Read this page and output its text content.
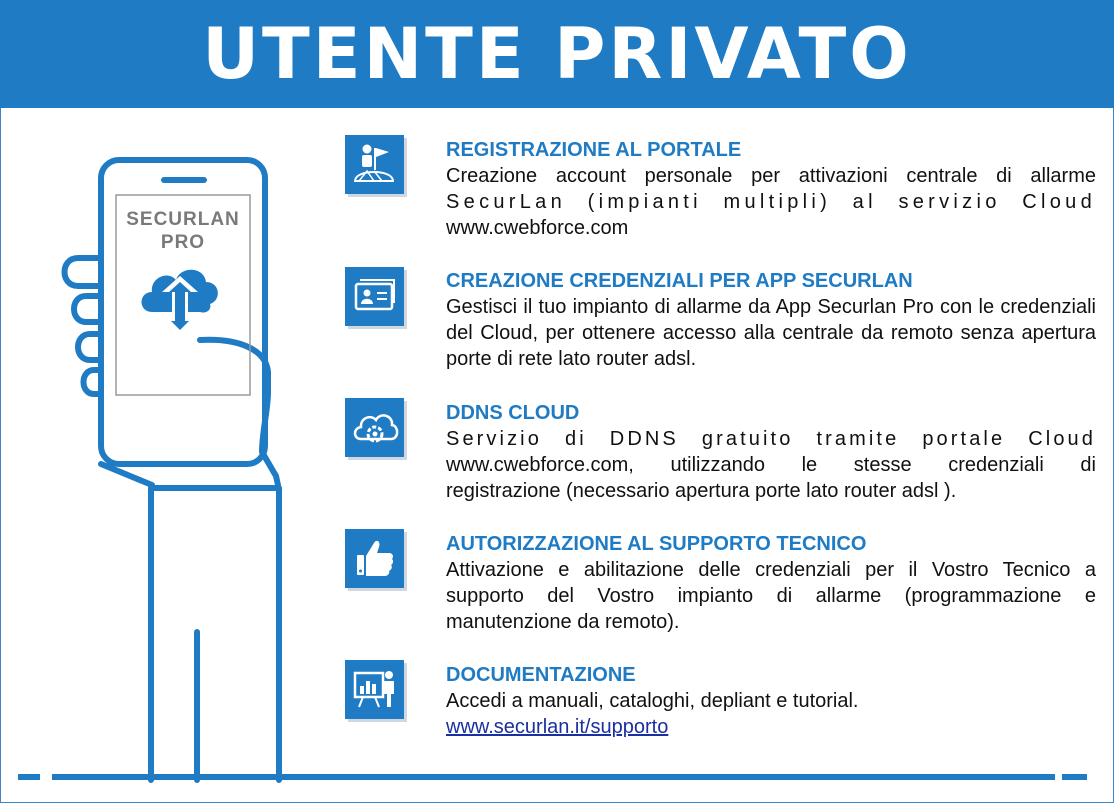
UTENTE PRIVATO
SECURLAN
PRO
REGISTRAZIONE AL PORTALE

Creazione account personale per attivazioni centrale di allarme

SecurLan (impianti multipli) al servizio Cloud

www.cwebforce.com

CREAZIONE CREDENZIALI PER APP SECURLAN

Gestisci il tuo impianto di allarme da App Securlan Pro con le credenziali del Cloud, per ottenere accesso alla centrale da remoto senza apertura porte di rete lato router adsl.

DDNS CLOUD

Servizio di DDNS gratuito tramite portale Cloud

www.cwebforce.com, utilizzando le stesse credenziali di

registrazione (necessario apertura porte lato router adsl ).

AUTORIZZAZIONE AL SUPPORTO TECNICO

Attivazione e abilitazione delle credenziali per il Vostro Tecnico a supporto del Vostro impianto di allarme (programmazione e manutenzione da remoto).

DOCUMENTAZIONE

Accedi a manuali, cataloghi, depliant e tutorial.

www.securlan.it/supporto
